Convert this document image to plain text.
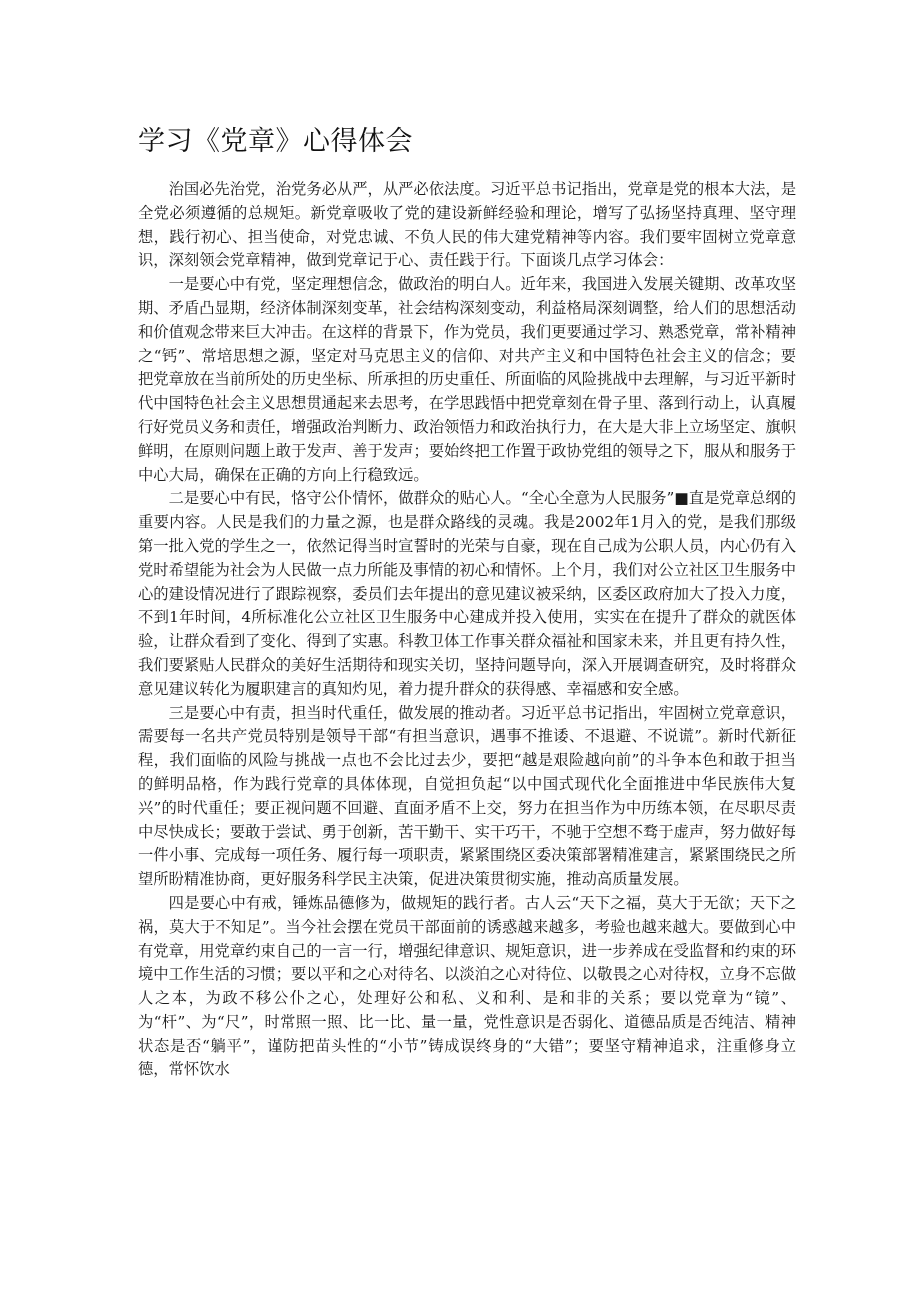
学习《党章》心得体会

治国必先治党，治党务必从严，从严必依法度。习近平总书记指出，党章是党的根本大法，是全党必须遵循的总规矩。新党章吸收了党的建设新鲜经验和理论，增写了弘扬坚持真理、坚守理想，践行初心、担当使命，对党忠诚、不负人民的伟大建党精神等内容。我们要牢固树立党章意识，深刻领会党章精神，做到党章记于心、责任践于行。下面谈几点学习体会：

一是要心中有党，坚定理想信念，做政治的明白人。近年来，我国进入发展关键期、改革攻坚期、矛盾凸显期，经济体制深刻变革，社会结构深刻变动，利益格局深刻调整，给人们的思想活动和价值观念带来巨大冲击。在这样的背景下，作为党员，我们更要通过学习、熟悉党章，常补精神之“钙”、常培思想之源，坚定对马克思主义的信仰、对共产主义和中国特色社会主义的信念；要把党章放在当前所处的历史坐标、所承担的历史重任、所面临的风险挑战中去理解，与习近平新时代中国特色社会主义思想贯通起来去思考，在学思践悟中把党章刻在骨子里、落到行动上，认真履行好党员义务和责任，增强政治判断力、政治领悟力和政治执行力，在大是大非上立场坚定、旗帜鲜明，在原则问题上敢于发声、善于发声；要始终把工作置于政协党组的领导之下，服从和服务于中心大局，确保在正确的方向上行稳致远。

二是要心中有民，恪守公仆情怀，做群众的贴心人。“全心全意为人民服务”■直是党章总纲的重要内容。人民是我们的力量之源，也是群众路线的灵魂。我是2002年1月入的党，是我们那级第一批入党的学生之一，依然记得当时宣誓时的光荣与自豪，现在自己成为公职人员，内心仍有入党时希望能为社会为人民做一点力所能及事情的初心和情怀。上个月，我们对公立社区卫生服务中心的建设情况进行了跟踪视察，委员们去年提出的意见建议被采纳，区委区政府加大了投入力度，不到1年时间，4所标准化公立社区卫生服务中心建成并投入使用，实实在在提升了群众的就医体验，让群众看到了变化、得到了实惠。科教卫体工作事关群众福祉和国家未来，并且更有持久性，我们要紧贴人民群众的美好生活期待和现实关切，坚持问题导向，深入开展调查研究，及时将群众意见建议转化为履职建言的真知灼见，着力提升群众的获得感、幸福感和安全感。

三是要心中有责，担当时代重任，做发展的推动者。习近平总书记指出，牢固树立党章意识，需要每一名共产党员特别是领导干部“有担当意识，遇事不推诿、不退避、不说谎”。新时代新征程，我们面临的风险与挑战一点也不会比过去少，要把“越是艰险越向前”的斗争本色和敢于担当的鲜明品格，作为践行党章的具体体现，自觉担负起“以中国式现代化全面推进中华民族伟大复兴”的时代重任；要正视问题不回避、直面矛盾不上交，努力在担当作为中历练本领，在尽职尽责中尽快成长；要敢于尝试、勇于创新，苦干勤干、实干巧干，不驰于空想不骛于虚声，努力做好每一件小事、完成每一项任务、履行每一项职责，紧紧围绕区委决策部署精准建言，紧紧围绕民之所望所盼精准协商，更好服务科学民主决策，促进决策贯彻实施，推动高质量发展。

四是要心中有戒，锤炼品德修为，做规矩的践行者。古人云“天下之福，莫大于无欲；天下之祸，莫大于不知足”。当今社会摆在党员干部面前的诱惑越来越多，考验也越来越大。要做到心中有党章，用党章约束自己的一言一行，增强纪律意识、规矩意识，进一步养成在受监督和约束的环境中工作生活的习惯；要以平和之心对待名、以淡泊之心对待位、以敬畏之心对待权，立身不忘做人之本，为政不移公仆之心，处理好公和私、义和利、是和非的关系；要以党章为“镜”、为“杆”、为“尺”，时常照一照、比一比、量一量，党性意识是否弱化、道德品质是否纯洁、精神状态是否“躺平”，谨防把苗头性的“小节”铸成误终身的“大错”；要坚守精神追求，注重修身立德，常怀饮水
